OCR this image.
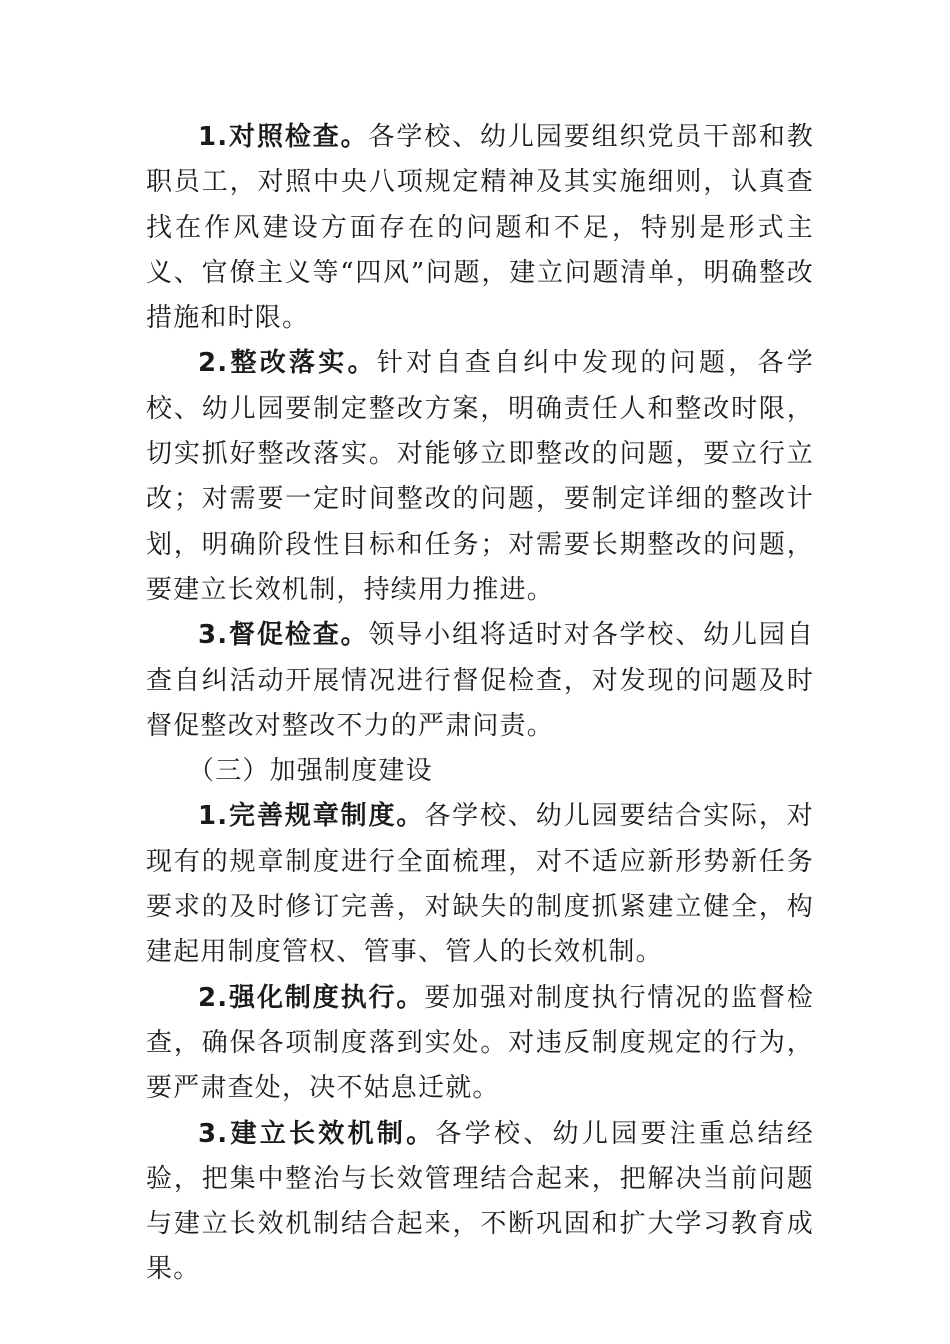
1.对照检查。各学校、幼儿园要组织党员干部和教职员工，对照中央八项规定精神及其实施细则，认真查找在作风建设方面存在的问题和不足，特别是形式主义、官僚主义等“四风”问题，建立问题清单，明确整改措施和时限。

2.整改落实。针对自查自纠中发现的问题，各学校、幼儿园要制定整改方案，明确责任人和整改时限，切实抓好整改落实。对能够立即整改的问题，要立行立改；对需要一定时间整改的问题，要制定详细的整改计划，明确阶段性目标和任务；对需要长期整改的问题，要建立长效机制，持续用力推进。

3.督促检查。领导小组将适时对各学校、幼儿园自查自纠活动开展情况进行督促检查，对发现的问题及时督促整改对整改不力的严肃问责。

（三）加强制度建设

1.完善规章制度。各学校、幼儿园要结合实际，对现有的规章制度进行全面梳理，对不适应新形势新任务要求的及时修订完善，对缺失的制度抓紧建立健全，构建起用制度管权、管事、管人的长效机制。

2.强化制度执行。要加强对制度执行情况的监督检查，确保各项制度落到实处。对违反制度规定的行为，要严肃查处，决不姑息迁就。

3.建立长效机制。各学校、幼儿园要注重总结经验，把集中整治与长效管理结合起来，把解决当前问题与建立长效机制结合起来，不断巩固和扩大学习教育成果。
